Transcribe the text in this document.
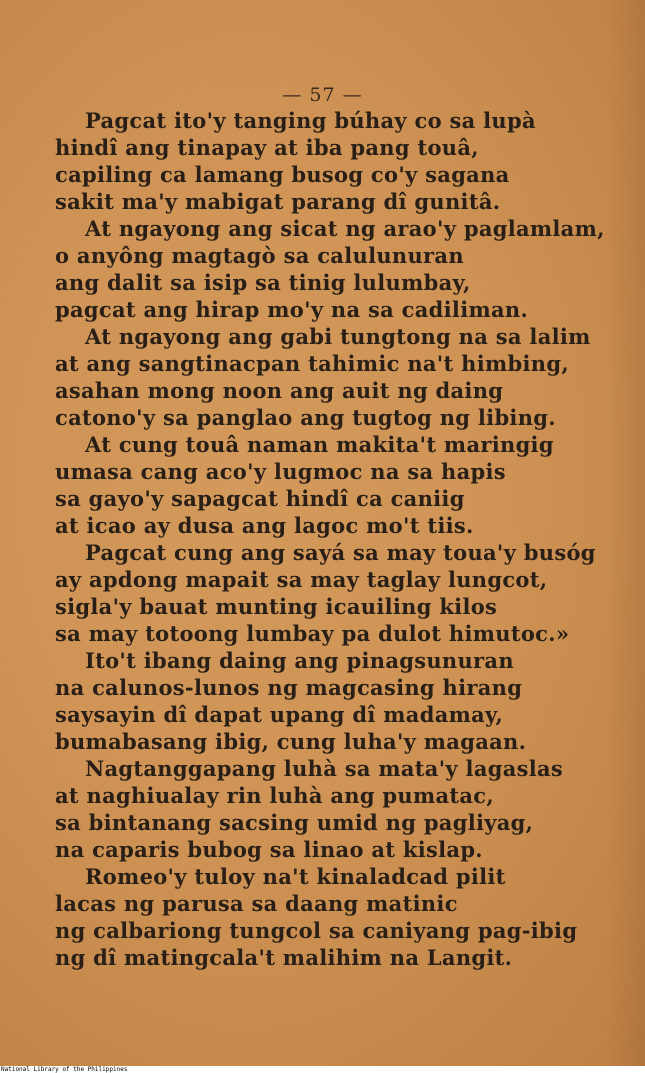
— 57 —
Pagcat ito'y tanging búhay co sa lupà
hindî ang tinapay at iba pang touâ,
capiling ca lamang busog co'y sagana
sakit ma'y mabigat parang dî gunitâ.
At ngayong ang sicat ng arao'y paglamlam,
o anyông magtagò sa calulunuran
ang dalit sa isip sa tinig lulumbay,
pagcat ang hirap mo'y na sa cadiliman.
At ngayong ang gabi tungtong na sa lalim
at ang sangtinacpan tahimic na't himbing,
asahan mong noon ang auit ng daing
catono'y sa panglao ang tugtog ng libing.
At cung touâ naman makita't maringig
umasa cang aco'y lugmoc na sa hapis
sa gayo'y sapagcat hindî ca caniig
at icao ay dusa ang lagoc mo't tiis.
Pagcat cung ang sayá sa may toua'y busóg
ay apdong mapait sa may taglay lungcot,
sigla'y bauat munting icauiling kilos
sa may totoong lumbay pa dulot himutoc.»
Ito't ibang daing ang pinagsunuran
na calunos-lunos ng magcasing hirang
saysayin dî dapat upang dî madamay,
bumabasang ibig, cung luha'y magaan.
Nagtanggapang luhà sa mata'y lagaslas
at naghiualay rin luhà ang pumatac,
sa bintanang sacsing umid ng pagliyag,
na caparis bubog sa linao at kislap.
Romeo'y tuloy na't kinaladcad pilit
lacas ng parusa sa daang matinic
ng calbariong tungcol sa caniyang pag-ibig
ng dî matingcala't malihim na Langit.
National Library of the Philippines
